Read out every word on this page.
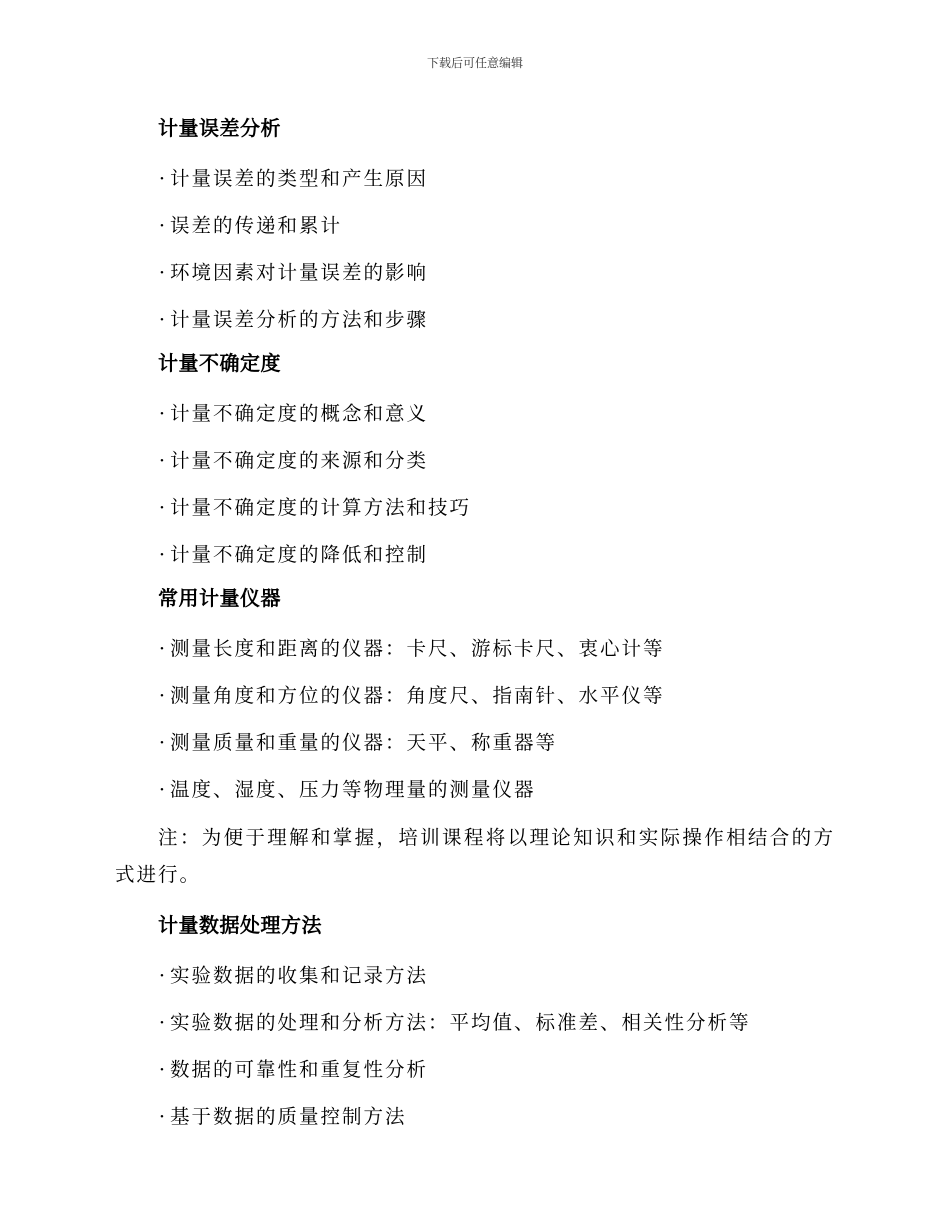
下载后可任意编辑
计量误差分析
· 计量误差的类型和产生原因
· 误差的传递和累计
· 环境因素对计量误差的影响
· 计量误差分析的方法和步骤
计量不确定度
· 计量不确定度的概念和意义
· 计量不确定度的来源和分类
· 计量不确定度的计算方法和技巧
· 计量不确定度的降低和控制
常用计量仪器
· 测量长度和距离的仪器：卡尺、游标卡尺、衷心计等
· 测量角度和方位的仪器：角度尺、指南针、水平仪等
· 测量质量和重量的仪器：天平、称重器等
· 温度、湿度、压力等物理量的测量仪器
注：为便于理解和掌握，培训课程将以理论知识和实际操作相结合的方式进行。
计量数据处理方法
· 实验数据的收集和记录方法
· 实验数据的处理和分析方法：平均值、标准差、相关性分析等
· 数据的可靠性和重复性分析
· 基于数据的质量控制方法
